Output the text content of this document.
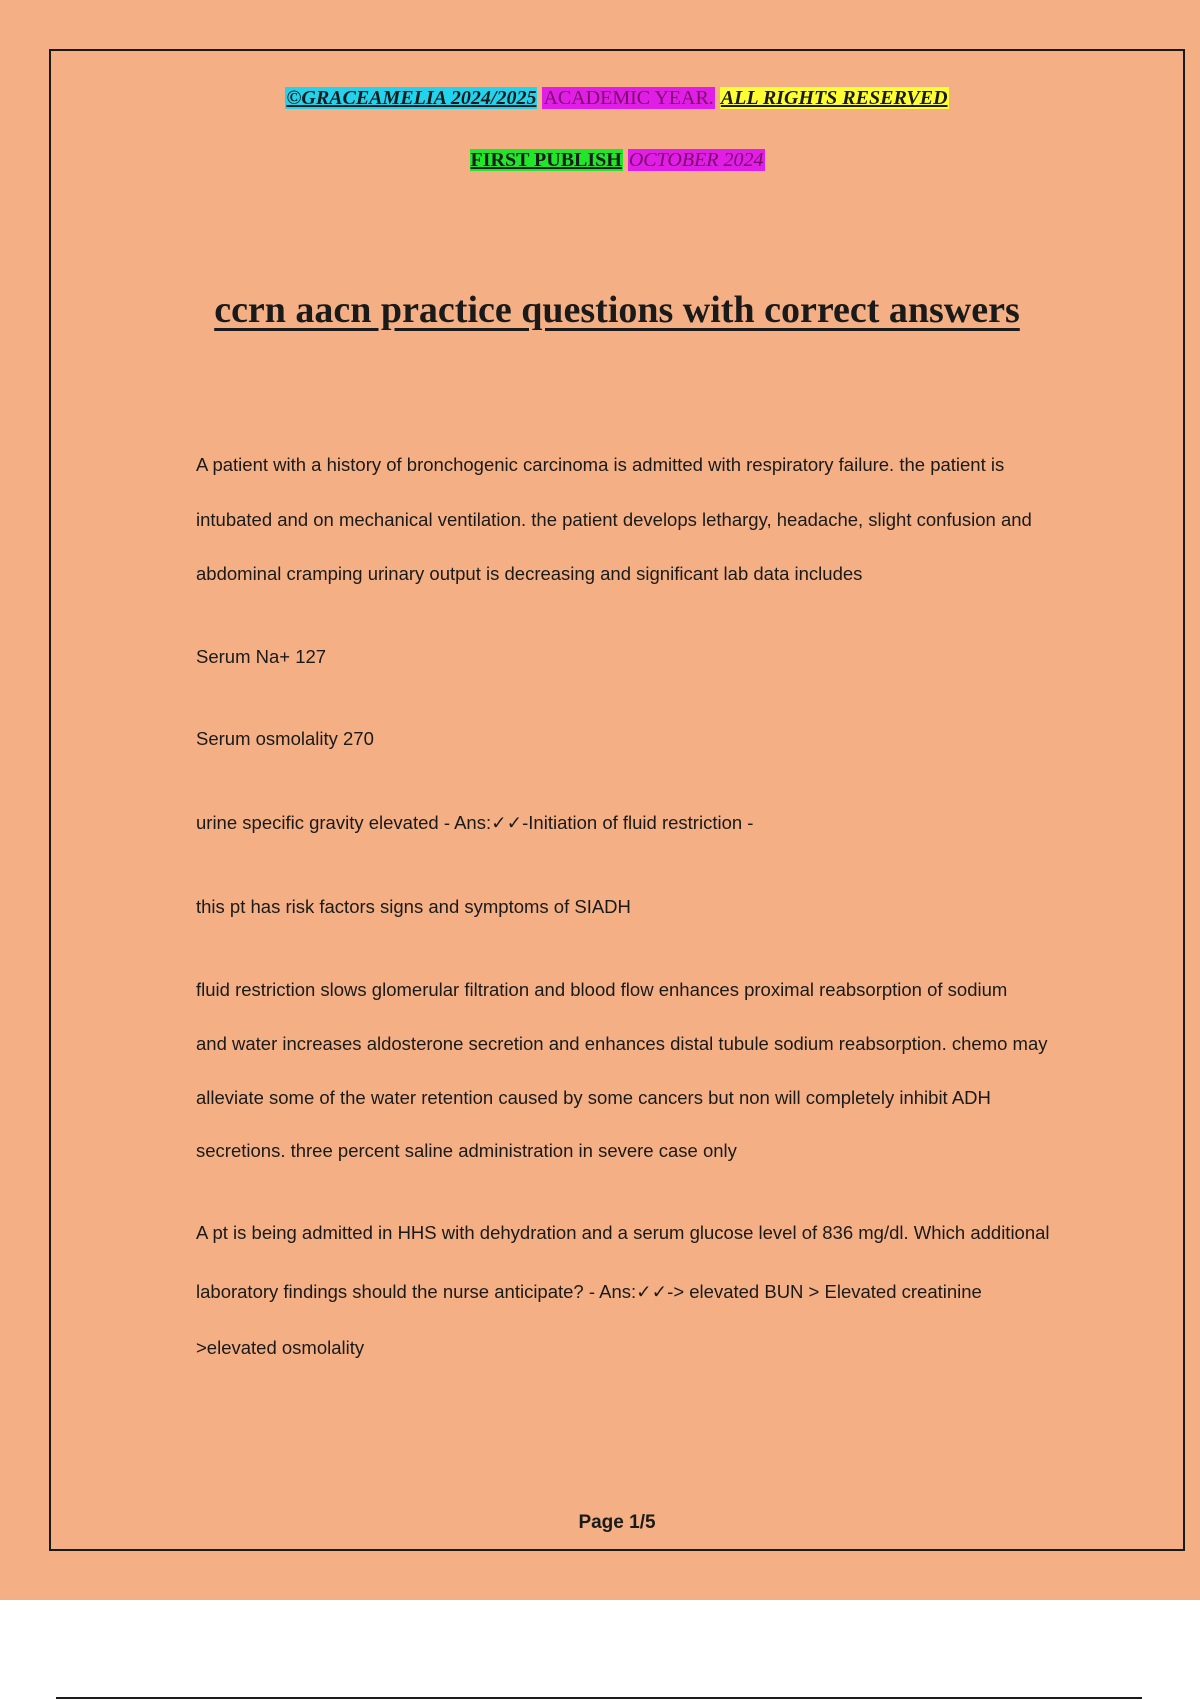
©GRACEAMELIA 2024/2025 ACADEMIC YEAR. ALL RIGHTS RESERVED
FIRST PUBLISH OCTOBER 2024
ccrn aacn practice questions with correct answers
A patient with a history of bronchogenic carcinoma is admitted with respiratory failure. the patient is
intubated and on mechanical ventilation. the patient develops lethargy, headache, slight confusion and
abdominal cramping urinary output is decreasing and significant lab data includes
Serum Na+ 127
Serum osmolality 270
urine specific gravity elevated - Ans:✓✓-Initiation of fluid restriction -
this pt has risk factors signs and symptoms of SIADH
fluid restriction slows glomerular filtration and blood flow enhances proximal reabsorption of sodium
and water increases aldosterone secretion and enhances distal tubule sodium reabsorption. chemo may
alleviate some of the water retention caused by some cancers but non will completely inhibit ADH
secretions. three percent saline administration in severe case only
A pt is being admitted in HHS with dehydration and a serum glucose level of 836 mg/dl. Which additional
laboratory findings should the nurse anticipate? - Ans:✓✓-> elevated BUN > Elevated creatinine
>elevated osmolality
Page 1/5
